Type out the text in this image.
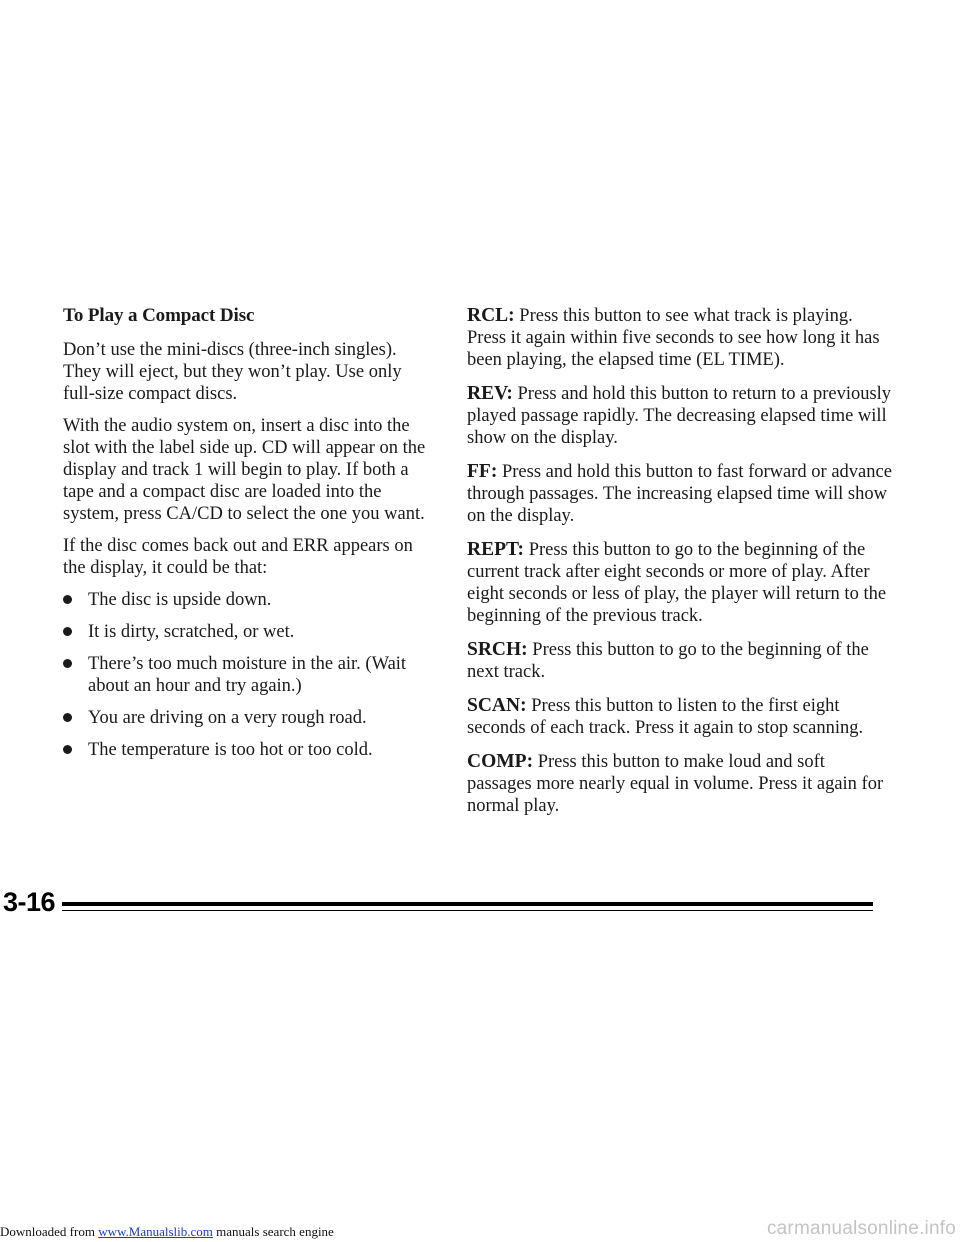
To Play a Compact Disc

Don’t use the mini-discs (three-inch singles). They will eject, but they won’t play. Use only full-size compact discs.

With the audio system on, insert a disc into the slot with the label side up. CD will appear on the display and track 1 will begin to play. If both a tape and a compact disc are loaded into the system, press CA/CD to select the one you want.

If the disc comes back out and ERR appears on the display, it could be that:

The disc is upside down.
It is dirty, scratched, or wet.
There’s too much moisture in the air. (Wait about an hour and try again.)
You are driving on a very rough road.
The temperature is too hot or too cold.

RCL: Press this button to see what track is playing. Press it again within five seconds to see how long it has been playing, the elapsed time (EL TIME).

REV: Press and hold this button to return to a previously played passage rapidly. The decreasing elapsed time will show on the display.

FF: Press and hold this button to fast forward or advance through passages. The increasing elapsed time will show on the display.

REPT: Press this button to go to the beginning of the current track after eight seconds or more of play. After eight seconds or less of play, the player will return to the beginning of the previous track.

SRCH: Press this button to go to the beginning of the next track.

SCAN: Press this button to listen to the first eight seconds of each track. Press it again to stop scanning.

COMP: Press this button to make loud and soft passages more nearly equal in volume. Press it again for normal play.

3-16
Downloaded from www.Manualslib.com manuals search engine	carmanualsonline.info
